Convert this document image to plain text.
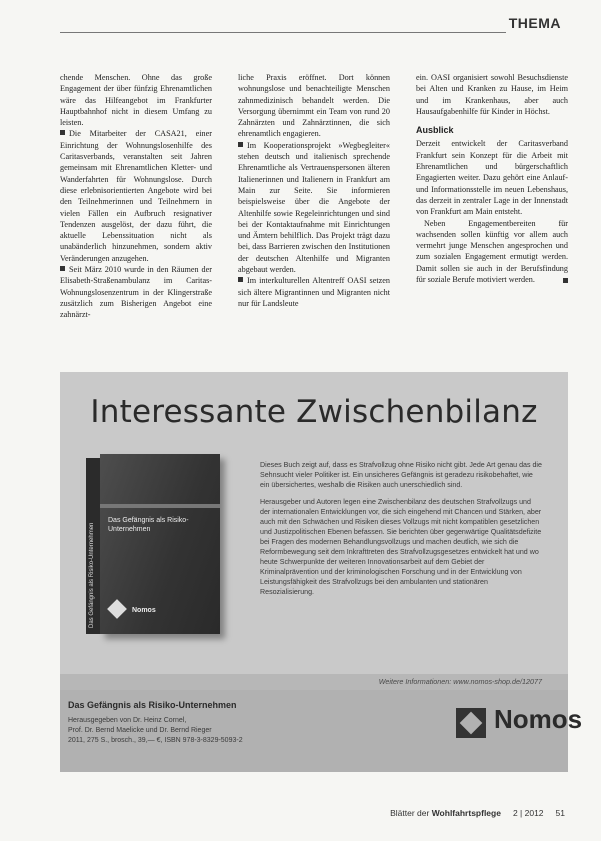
THEMA

chende Menschen. Ohne das große Engagement der über fünfzig Ehrenamtlichen wäre das Hilfeangebot im Frankfurter Hauptbahnhof nicht in diesem Umfang zu leisten.

Die Mitarbeiter der CASA21, einer Einrichtung der Wohnungslosenhilfe des Caritasverbands, veranstalten seit Jahren gemeinsam mit Ehrenamtlichen Kletter- und Wanderfahrten für Wohnungslose. Durch diese erlebnisorientierten Angebote wird bei den Teilnehmerinnen und Teilnehmern in vielen Fällen ein Aufbruch resignativer Tendenzen ausgelöst, der dazu führt, die aktuelle Lebenssituation nicht als unabänderlich hinzunehmen, sondern aktiv Veränderungen anzugehen.

Seit März 2010 wurde in den Räumen der Elisabeth-Straßenambulanz im Caritas-Wohnungslosenzentrum in der Klingerstraße zusätzlich zum Bisherigen Angebot eine zahnärzt-

liche Praxis eröffnet. Dort können wohnungslose und benachteiligte Menschen zahnmedizinisch behandelt werden. Die Versorgung übernimmt ein Team von rund 20 Zahnärzten und Zahnärztinnen, die sich ehrenamtlich engagieren.

Im Kooperationsprojekt »Wegbegleiter« stehen deutsch und italienisch sprechende Ehrenamtliche als Vertrauenspersonen älteren Italienerinnen und Italienern in Frankfurt am Main zur Seite. Sie informieren beispielsweise über die Angebote der Altenhilfe sowie Regeleinrichtungen und sind bei der Kontaktaufnahme mit Einrichtungen und Ämtern behilflich. Das Projekt trägt dazu bei, dass Barrieren zwischen den Institutionen der deutschen Altenhilfe und Migranten abgebaut werden.

Im interkulturellen Altentreff OASI setzen sich ältere Migrantinnen und Migranten nicht nur für Landsleute

ein. OASI organisiert sowohl Besuchsdienste bei Alten und Kranken zu Hause, im Heim und im Krankenhaus, aber auch Hausaufgabenhilfe für Kinder in Höchst.

Ausblick

Derzeit entwickelt der Caritasverband Frankfurt sein Konzept für die Arbeit mit Ehrenamtlichen und bürgerschaftlich Engagierten weiter. Dazu gehört eine Anlauf- und Informationsstelle im neuen Lebenshaus, das derzeit in zentraler Lage in der Innenstadt von Frankfurt am Main entsteht.

Neben Engagementbereiten für wachsenden sollen künftig vor allem auch vermehrt junge Menschen angesprochen und zum sozialen Engagement ermutigt werden. Damit sollen sie auch in der Berufsfindung für soziale Berufe motiviert werden.

Interessante Zwischenbilanz
Das Gefängnis als Risiko-Unternehmen
Das Gefängnis als Risiko-Unternehmen
Nomos

Dieses Buch zeigt auf, dass es Strafvollzug ohne Risiko nicht gibt. Jede Art genau das die Sehnsucht vieler Politiker ist. Ein unsicheres Gefängnis ist geradezu risikobehaftet, wie ein übersichertes, weshalb die Risiken auch unerschiedlich sind.

Herausgeber und Autoren legen eine Zwischenbilanz des deutschen Strafvollzugs und der internationalen Entwicklungen vor, die sich eingehend mit Chancen und Stärken, aber auch mit den Schwächen und Risiken dieses Vollzugs mit nicht kompatiblen gesetzlichen und Justizpolitischen Ebenen befassen. Sie berichten über gegenwärtige Qualitätsdefizite bei Fragen des modernen Behandlungsvollzugs und machen deutlich, wie sich die Reformbewegung seit dem Inkrafttreten des Strafvollzugsgesetzes entwickelt hat und wo heute Schwerpunkte der weiteren Innovationsarbeit auf dem Gebiet der Kriminalprävention und der kriminologischen Forschung und in der Entwicklung von Leistungsfähigkeit des Strafvollzugs bei den ambulanten und stationären Resozialisierung.

Weitere Informationen: www.nomos-shop.de/12077
Das Gefängnis als Risiko-Unternehmen
Herausgegeben von Dr. Heinz Cornel,
Prof. Dr. Bernd Maelicke und Dr. Bernd Rieger
2011, 275 S., brosch., 39,— €, ISBN 978-3-8329-5093-2
Nomos
Blätter der Wohlfahrtspflege 2 | 2012 51
